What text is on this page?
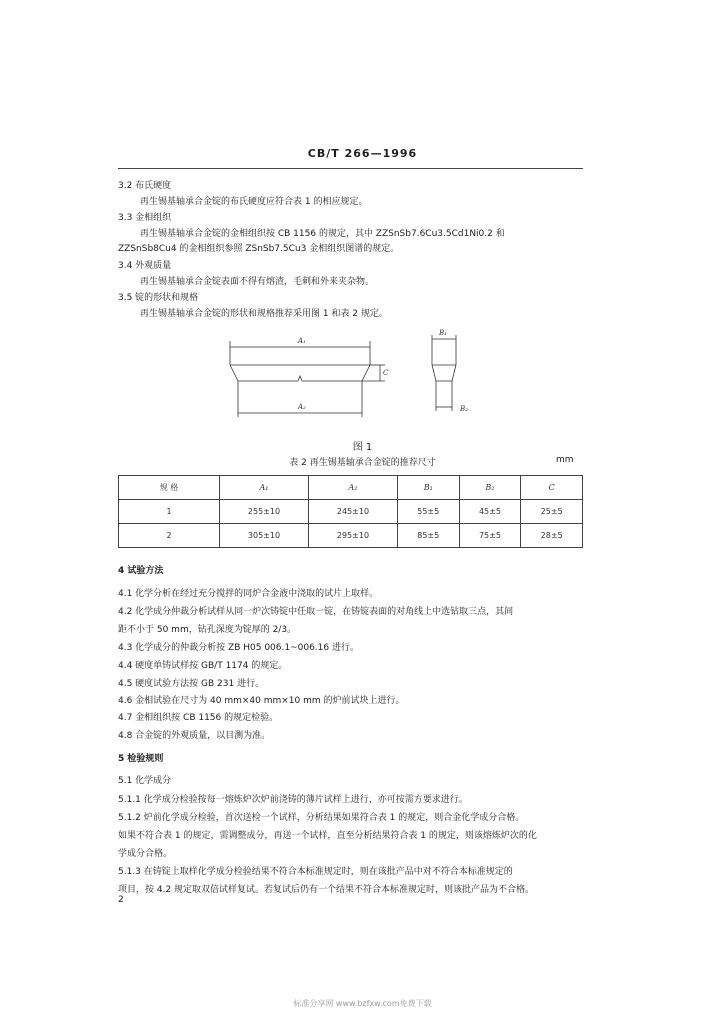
CB/T 266—1996
3.2 布氏硬度
再生锡基轴承合金锭的布氏硬度应符合表 1 的相应规定。
3.3 金相组织
再生锡基轴承合金锭的金相组织按 CB 1156 的规定，其中 ZZSnSb7.6Cu3.5Cd1Ni0.2 和
ZZSnSb8Cu4 的金相组织参照 ZSnSb7.5Cu3 金相组织图谱的规定。
3.4 外观质量
再生锡基轴承合金锭表面不得有熔渣，毛刺和外来夹杂物。
3.5 锭的形状和规格
再生锡基轴承合金锭的形状和规格推荐采用图 1 和表 2 规定。
A₁
A₂
C
B₁
B₂
图 1
表 2 再生锡基轴承合金锭的推荐尺寸	mm
规 格	A₁	A₂	B₁	B₂	C
1	255±10	245±10	55±5	45±5	25±5
2	305±10	295±10	85±5	75±5	28±5
4 试验方法
4.1 化学分析在经过充分搅拌的同炉合金液中浇取的试片上取样。
4.2 化学成分仲裁分析试样从同一炉次铸锭中任取一锭，在铸锭表面的对角线上中选钻取三点，其间
距不小于 50 mm，钻孔深度为锭厚的 2/3。
4.3 化学成分的仲裁分析按 ZB H05 006.1~006.16 进行。
4.4 硬度单铸试样按 GB/T 1174 的规定。
4.5 硬度试验方法按 GB 231 进行。
4.6 金相试验在尺寸为 40 mm×40 mm×10 mm 的炉前试块上进行。
4.7 金相组织按 CB 1156 的规定检验。
4.8 合金锭的外观质量，以目测为准。
5 检验规则
5.1 化学成分
5.1.1 化学成分检验按每一熔炼炉次炉前浇铸的薄片试样上进行，亦可按需方要求进行。
5.1.2 炉前化学成分检验，首次送检一个试样，分析结果如果符合表 1 的规定，则合金化学成分合格。
如果不符合表 1 的规定，需调整成分，再送一个试样，直至分析结果符合表 1 的规定，则该熔炼炉次的化
学成分合格。
5.1.3 在铸锭上取样化学成分检验结果不符合本标准规定时，则在该批产品中对不符合本标准规定的
项目，按 4.2 规定取双倍试样复试。若复试后仍有一个结果不符合本标准规定时，则该批产品为不合格。
2
标准分享网 www.bzfxw.com免费下载
